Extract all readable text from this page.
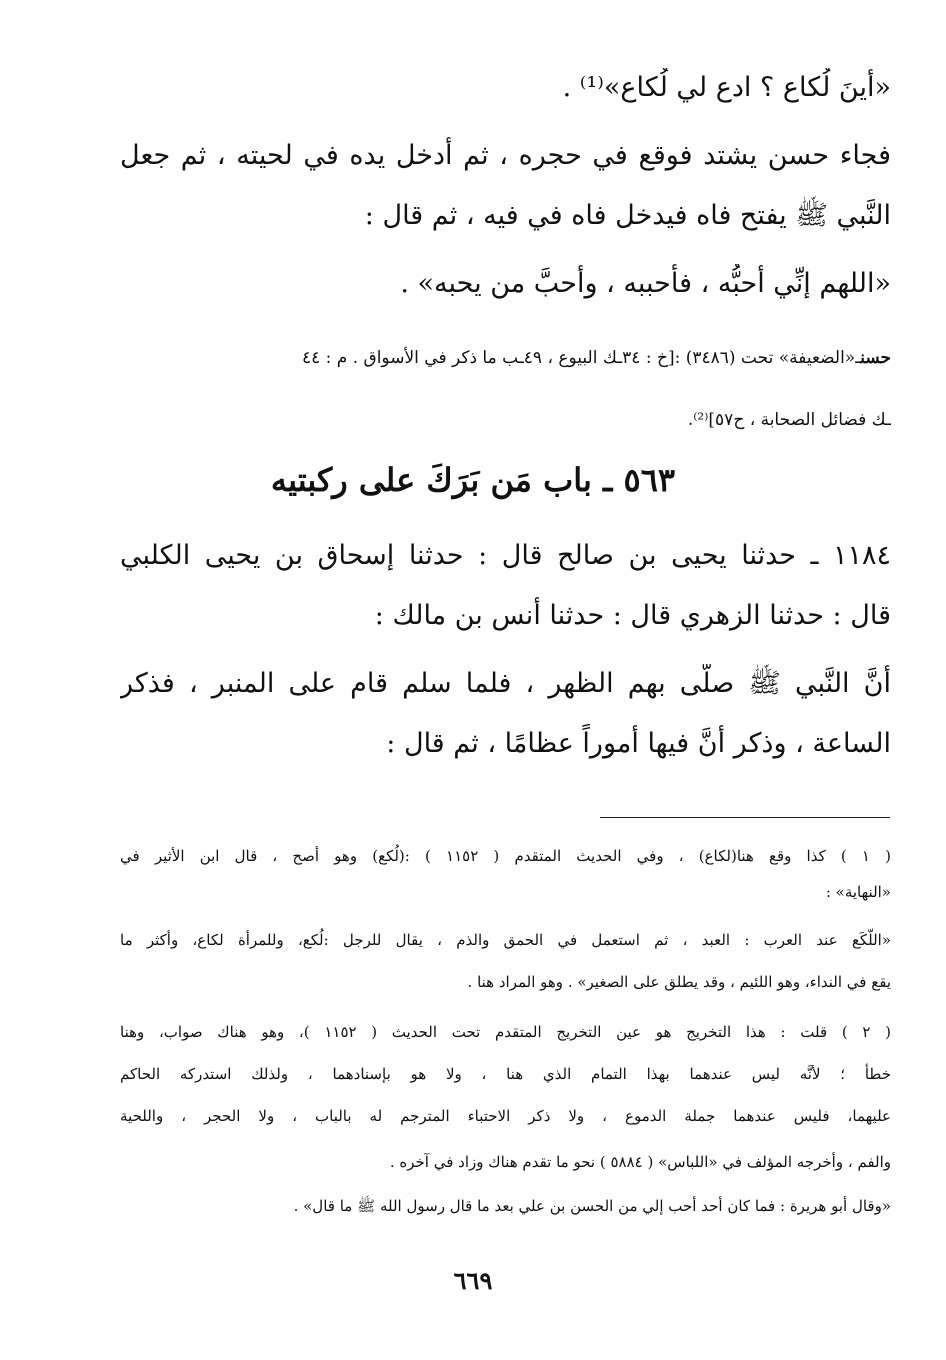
«أينَ لُكاع ؟ ادع لي لُكاع»⁽¹⁾ .
فجاء حسن يشتد فوقع في حجره ، ثم أدخل يده في لحيته ، ثم جعل
النَّبي ﷺ يفتح فاه فيدخل فاه في فيه ، ثم قال :
«اللهم إنِّي أحبُّه ، فأحببه ، وأحبَّ من يحبه» .
حسنـ«الضعيفة» تحت (٣٤٨٦) :[خ : ٣٤ـك البيوع ، ٤٩ـب ما ذكر في الأسواق . م : ٤٤
ـك فضائل الصحابة ، ح٥٧]⁽²⁾.
٥٦٣ ـ باب مَن بَرَكَ على ركبتيه
١١٨٤ ـ حدثنا يحيى بن صالح قال : حدثنا إسحاق بن يحيى الكلبي
قال : حدثنا الزهري قال : حدثنا أنس بن مالك :
أنَّ النَّبي ﷺ صلَّى بهم الظهر ، فلما سلم قام على المنبر ، فذكر
الساعة ، وذكر أنَّ فيها أموراً عظامًا ، ثم قال :
( ١ ) كذا وقع هنا(لكاع) ، وفي الحديث المتقدم ( ١١٥٢ ) :(لُكع) وهو أصح ، قال ابن الأثير في
«النهاية» :
«اللُّكَع عند العرب : العبد ، ثم استعمل في الحمق والذم ، يقال للرجل :لُكع، وللمرأة لكاع، وأكثر ما
يقع في النداء، وهو اللئيم ، وقد يطلق على الصغير» . وهو المراد هنا .
( ٢ ) قلت : هذا التخريج هو عين التخريج المتقدم تحت الحديث ( ١١٥٢ )، وهو هناك صواب، وهنا
خطأ ؛ لأنَّه ليس عندهما بهذا التمام الذي هنا ، ولا هو بإسنادهما ، ولذلك استدركه الحاكم
عليهما، فليس عندهما جملة الدموع ، ولا ذكر الاحتباء المترجم له بالباب ، ولا الحجر ، واللحية
والفم ، وأخرجه المؤلف في «اللباس» ( ٥٨٨٤ ) نحو ما تقدم هناك وزاد في آخره .
«وقال أبو هريرة : فما كان أحد أحب إلي من الحسن بن علي بعد ما قال رسول الله ﷺ ما قال» .
٦٦٩
